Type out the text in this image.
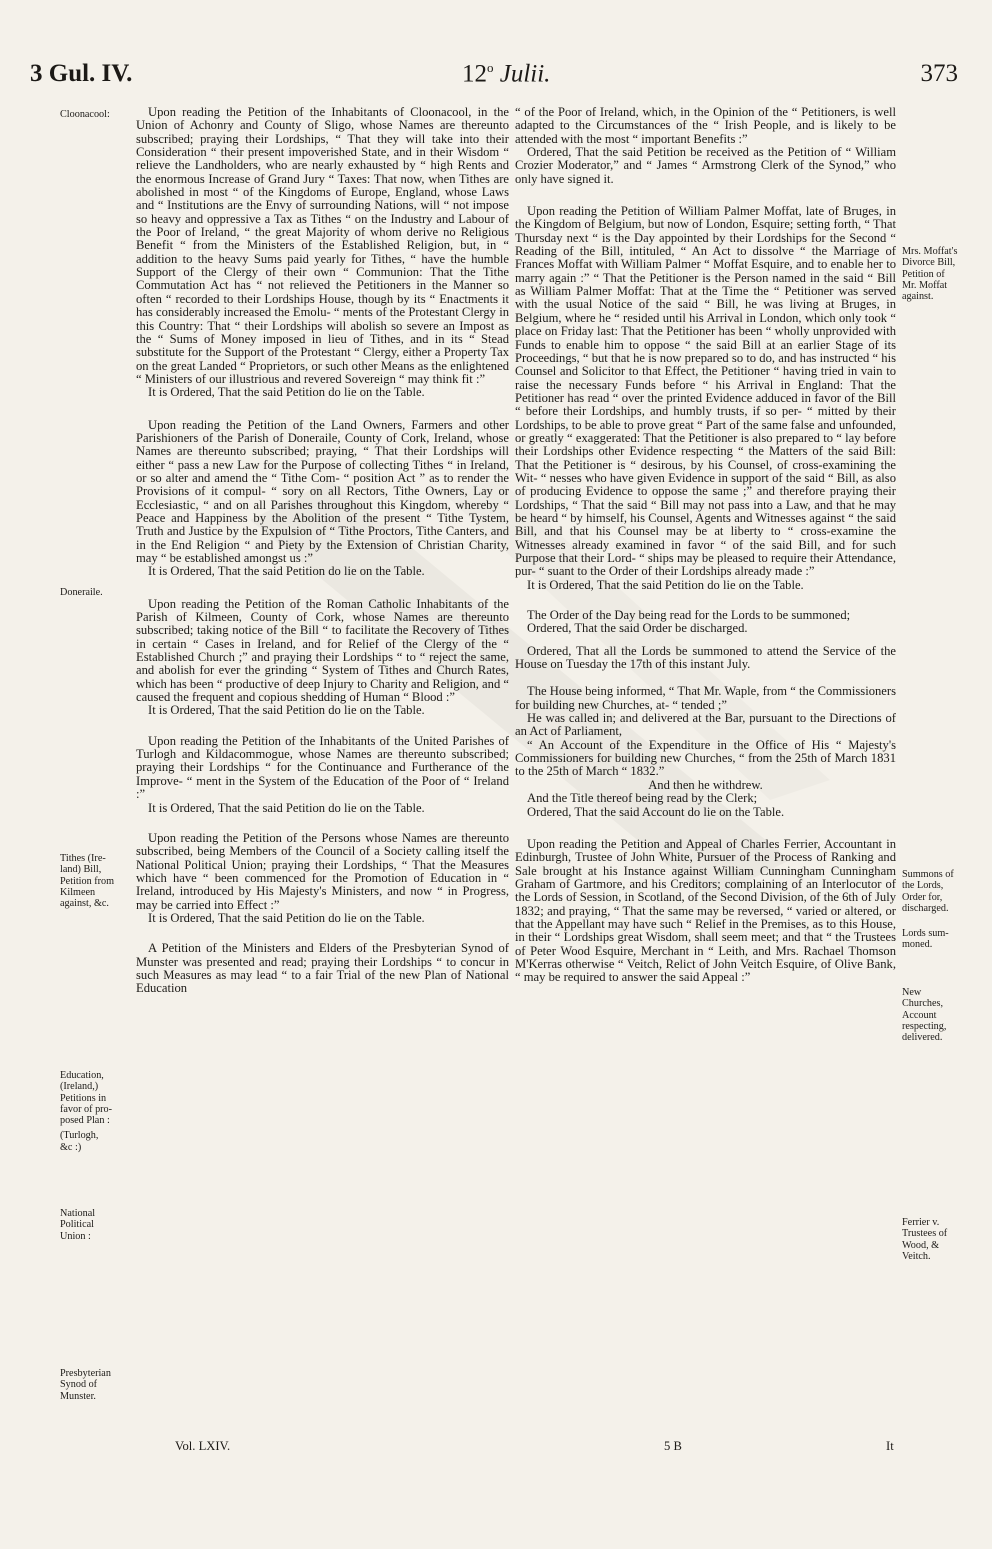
3 Gul. IV.	12$^o$ Julii.	373
Cloonacool:
Doneraile.
Tithes (Ire-
land) Bill,
Petition from
Kilmeen
against, &c.
Education,
(Ireland,)
Petitions in
favor of pro-
posed Plan :
(Turlogh,
&c :)
National
Political
Union :
Presbyterian
Synod of
Munster.
Mrs. Moffat's
Divorce Bill,
Petition of
Mr. Moffat
against.
Summons of
the Lords,
Order for,
discharged.
Lords sum-
moned.
New
Churches,
Account
respecting,
delivered.
Ferrier v.
Trustees of
Wood, &
Veitch.

Upon reading the Petition of the Inhabitants of Cloonacool, in the Union of Achonry and County of Sligo, whose Names are thereunto subscribed; praying their Lordships, “ That they will take into their Consideration “ their present impoverished State, and in their Wisdom “ relieve the Landholders, who are nearly exhausted by “ high Rents and the enormous Increase of Grand Jury “ Taxes: That now, when Tithes are abolished in most “ of the Kingdoms of Europe, England, whose Laws and “ Institutions are the Envy of surrounding Nations, will “ not impose so heavy and oppressive a Tax as Tithes “ on the Industry and Labour of the Poor of Ireland, “ the great Majority of whom derive no Religious Benefit “ from the Ministers of the Established Religion, but, in “ addition to the heavy Sums paid yearly for Tithes, “ have the humble Support of the Clergy of their own “ Communion: That the Tithe Commutation Act has “ not relieved the Petitioners in the Manner so often “ recorded to their Lordships House, though by its “ Enactments it has considerably increased the Emolu- “ ments of the Protestant Clergy in this Country: That “ their Lordships will abolish so severe an Impost as the “ Sums of Money imposed in lieu of Tithes, and in its “ Stead substitute for the Support of the Protestant “ Clergy, either a Property Tax on the great Landed “ Proprietors, or such other Means as the enlightened “ Ministers of our illustrious and revered Sovereign “ may think fit :”

It is Ordered, That the said Petition do lie on the Table.

Upon reading the Petition of the Land Owners, Farmers and other Parishioners of the Parish of Doneraile, County of Cork, Ireland, whose Names are thereunto subscribed; praying, “ That their Lordships will either “ pass a new Law for the Purpose of collecting Tithes “ in Ireland, or so alter and amend the “ Tithe Com- “ position Act ” as to render the Provisions of it compul- “ sory on all Rectors, Tithe Owners, Lay or Ecclesiastic, “ and on all Parishes throughout this Kingdom, whereby “ Peace and Happiness by the Abolition of the present “ Tithe Tystem, Truth and Justice by the Expulsion of “ Tithe Proctors, Tithe Canters, and in the End Religion “ and Piety by the Extension of Christian Charity, may “ be established amongst us :”

It is Ordered, That the said Petition do lie on the Table.

Upon reading the Petition of the Roman Catholic Inhabitants of the Parish of Kilmeen, County of Cork, whose Names are thereunto subscribed; taking notice of the Bill “ to facilitate the Recovery of Tithes in certain “ Cases in Ireland, and for Relief of the Clergy of the “ Established Church ;” and praying their Lordships “ to “ reject the same, and abolish for ever the grinding “ System of Tithes and Church Rates, which has been “ productive of deep Injury to Charity and Religion, and “ caused the frequent and copious shedding of Human “ Blood :”

It is Ordered, That the said Petition do lie on the Table.

Upon reading the Petition of the Inhabitants of the United Parishes of Turlogh and Kildacommogue, whose Names are thereunto subscribed; praying their Lordships “ for the Continuance and Furtherance of the Improve- “ ment in the System of the Education of the Poor of “ Ireland :”

It is Ordered, That the said Petition do lie on the Table.

Upon reading the Petition of the Persons whose Names are thereunto subscribed, being Members of the Council of a Society calling itself the National Political Union; praying their Lordships, “ That the Measures which have “ been commenced for the Promotion of Education in “ Ireland, introduced by His Majesty's Ministers, and now “ in Progress, may be carried into Effect :”

It is Ordered, That the said Petition do lie on the Table.

A Petition of the Ministers and Elders of the Presbyterian Synod of Munster was presented and read; praying their Lordships “ to concur in such Measures as may lead “ to a fair Trial of the new Plan of National Education

“ of the Poor of Ireland, which, in the Opinion of the “ Petitioners, is well adapted to the Circumstances of the “ Irish People, and is likely to be attended with the most “ important Benefits :”

Ordered, That the said Petition be received as the Petition of “ William Crozier Moderator,” and “ James “ Armstrong Clerk of the Synod,” who only have signed it.

Upon reading the Petition of William Palmer Moffat, late of Bruges, in the Kingdom of Belgium, but now of London, Esquire; setting forth, “ That Thursday next “ is the Day appointed by their Lordships for the Second “ Reading of the Bill, intituled, “ An Act to dissolve “ the Marriage of Frances Moffat with William Palmer “ Moffat Esquire, and to enable her to marry again :” “ That the Petitioner is the Person named in the said “ Bill as William Palmer Moffat: That at the Time the “ Petitioner was served with the usual Notice of the said “ Bill, he was living at Bruges, in Belgium, where he “ resided until his Arrival in London, which only took “ place on Friday last: That the Petitioner has been “ wholly unprovided with Funds to enable him to oppose “ the said Bill at an earlier Stage of its Proceedings, “ but that he is now prepared so to do, and has instructed “ his Counsel and Solicitor to that Effect, the Petitioner “ having tried in vain to raise the necessary Funds before “ his Arrival in England: That the Petitioner has read “ over the printed Evidence adduced in favor of the Bill “ before their Lordships, and humbly trusts, if so per- “ mitted by their Lordships, to be able to prove great “ Part of the same false and unfounded, or greatly “ exaggerated: That the Petitioner is also prepared to “ lay before their Lordships other Evidence respecting “ the Matters of the said Bill: That the Petitioner is “ desirous, by his Counsel, of cross-examining the Wit- “ nesses who have given Evidence in support of the said “ Bill, as also of producing Evidence to oppose the same ;” and therefore praying their Lordships, “ That the said “ Bill may not pass into a Law, and that he may be heard “ by himself, his Counsel, Agents and Witnesses against “ the said Bill, and that his Counsel may be at liberty to “ cross-examine the Witnesses already examined in favor “ of the said Bill, and for such Purpose that their Lord- “ ships may be pleased to require their Attendance, pur- “ suant to the Order of their Lordships already made :”

It is Ordered, That the said Petition do lie on the Table.

The Order of the Day being read for the Lords to be summoned;

Ordered, That the said Order be discharged.

Ordered, That all the Lords be summoned to attend the Service of the House on Tuesday the 17th of this instant July.

The House being informed, “ That Mr. Waple, from “ the Commissioners for building new Churches, at- “ tended ;”

He was called in; and delivered at the Bar, pursuant to the Directions of an Act of Parliament,

“ An Account of the Expenditure in the Office of His “ Majesty's Commissioners for building new Churches, “ from the 25th of March 1831 to the 25th of March “ 1832.”

And then he withdrew.

And the Title thereof being read by the Clerk;

Ordered, That the said Account do lie on the Table.

Upon reading the Petition and Appeal of Charles Ferrier, Accountant in Edinburgh, Trustee of John White, Pursuer of the Process of Ranking and Sale brought at his Instance against William Cunningham Cunningham Graham of Gartmore, and his Creditors; complaining of an Interlocutor of the Lords of Session, in Scotland, of the Second Division, of the 6th of July 1832; and praying, “ That the same may be reversed, “ varied or altered, or that the Appellant may have such “ Relief in the Premises, as to this House, in their “ Lordships great Wisdom, shall seem meet; and that “ the Trustees of Peter Wood Esquire, Merchant in “ Leith, and Mrs. Rachael Thomson M'Kerras otherwise “ Veitch, Relict of John Veitch Esquire, of Olive Bank, “ may be required to answer the said Appeal :”

Vol. LXIV.	5 B	It
